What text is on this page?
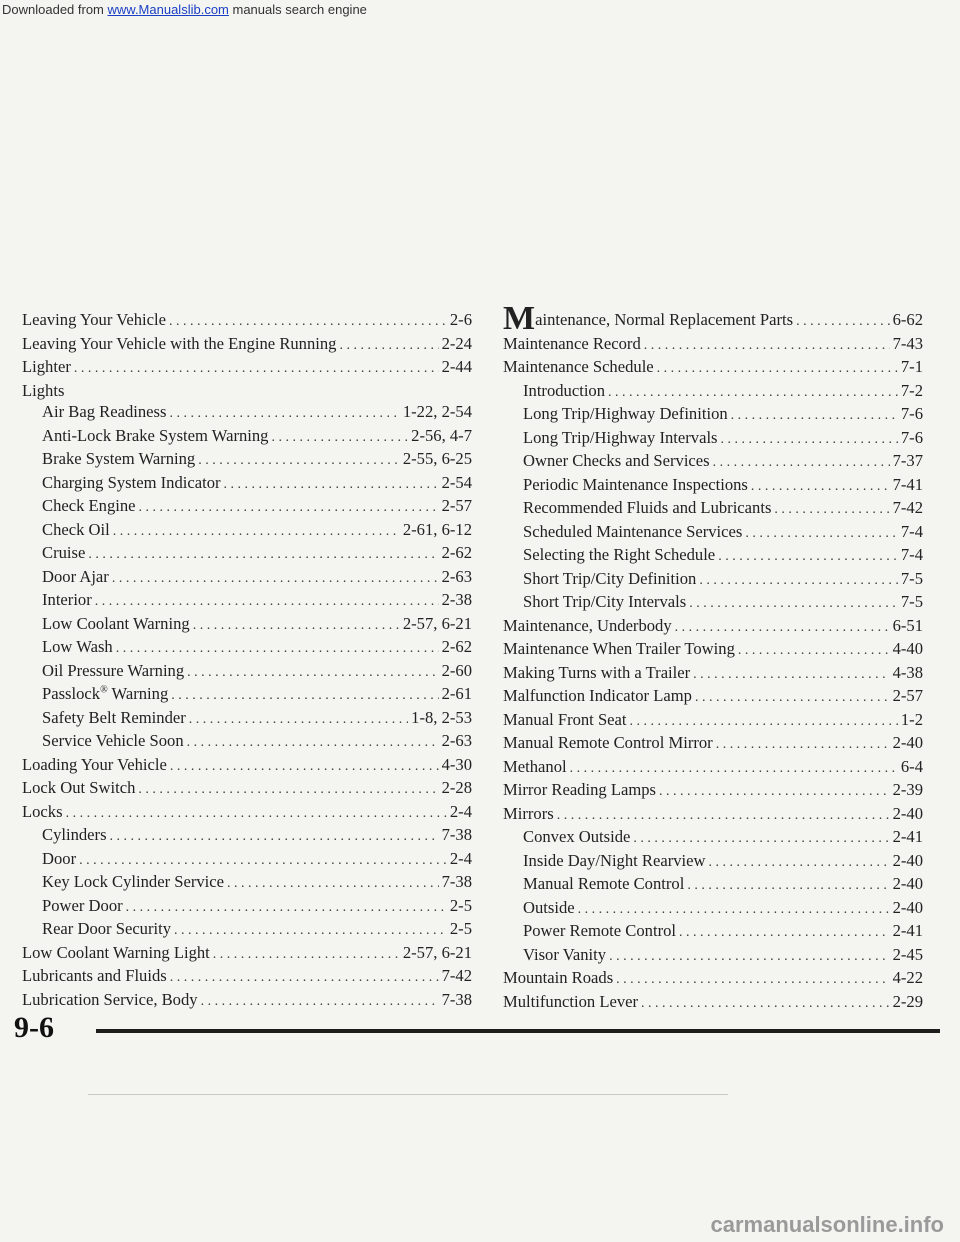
Downloaded from www.Manualslib.com manuals search engine
Leaving Your Vehicle . . .	2-6
Leaving Your Vehicle with the Engine Running . . .	2-24
Lighter . . .	2-44
Lights
Air Bag Readiness . . .	1-22, 2-54
Anti-Lock Brake System Warning . . .	2-56, 4-7
Brake System Warning . . .	2-55, 6-25
Charging System Indicator . . .	2-54
Check Engine . . .	2-57
Check Oil . . .	2-61, 6-12
Cruise . . .	2-62
Door Ajar . . .	2-63
Interior . . .	2-38
Low Coolant Warning . . .	2-57, 6-21
Low Wash . . .	2-62
Oil Pressure Warning . . .	2-60
Passlock® Warning . . .	2-61
Safety Belt Reminder . . .	1-8, 2-53
Service Vehicle Soon . . .	2-63
Loading Your Vehicle . . .	4-30
Lock Out Switch . . .	2-28
Locks . . .	2-4
Cylinders . . .	7-38
Door . . .	2-4
Key Lock Cylinder Service . . .	7-38
Power Door . . .	2-5
Rear Door Security . . .	2-5
Low Coolant Warning Light . . .	2-57, 6-21
Lubricants and Fluids . . .	7-42
Lubrication Service, Body . . .	7-38
Maintenance, Normal Replacement Parts . . .	6-62
Maintenance Record . . .	7-43
Maintenance Schedule . . .	7-1
Introduction . . .	7-2
Long Trip/Highway Definition . . .	7-6
Long Trip/Highway Intervals . . .	7-6
Owner Checks and Services . . .	7-37
Periodic Maintenance Inspections . . .	7-41
Recommended Fluids and Lubricants . . .	7-42
Scheduled Maintenance Services . . .	7-4
Selecting the Right Schedule . . .	7-4
Short Trip/City Definition . . .	7-5
Short Trip/City Intervals . . .	7-5
Maintenance, Underbody . . .	6-51
Maintenance When Trailer Towing . . .	4-40
Making Turns with a Trailer . . .	4-38
Malfunction Indicator Lamp . . .	2-57
Manual Front Seat . . .	1-2
Manual Remote Control Mirror . . .	2-40
Methanol . . .	6-4
Mirror Reading Lamps . . .	2-39
Mirrors . . .	2-40
Convex Outside . . .	2-41
Inside Day/Night Rearview . . .	2-40
Manual Remote Control . . .	2-40
Outside . . .	2-40
Power Remote Control . . .	2-41
Visor Vanity . . .	2-45
Mountain Roads . . .	4-22
Multifunction Lever . . .	2-29
9-6
carmanualsonline.info
